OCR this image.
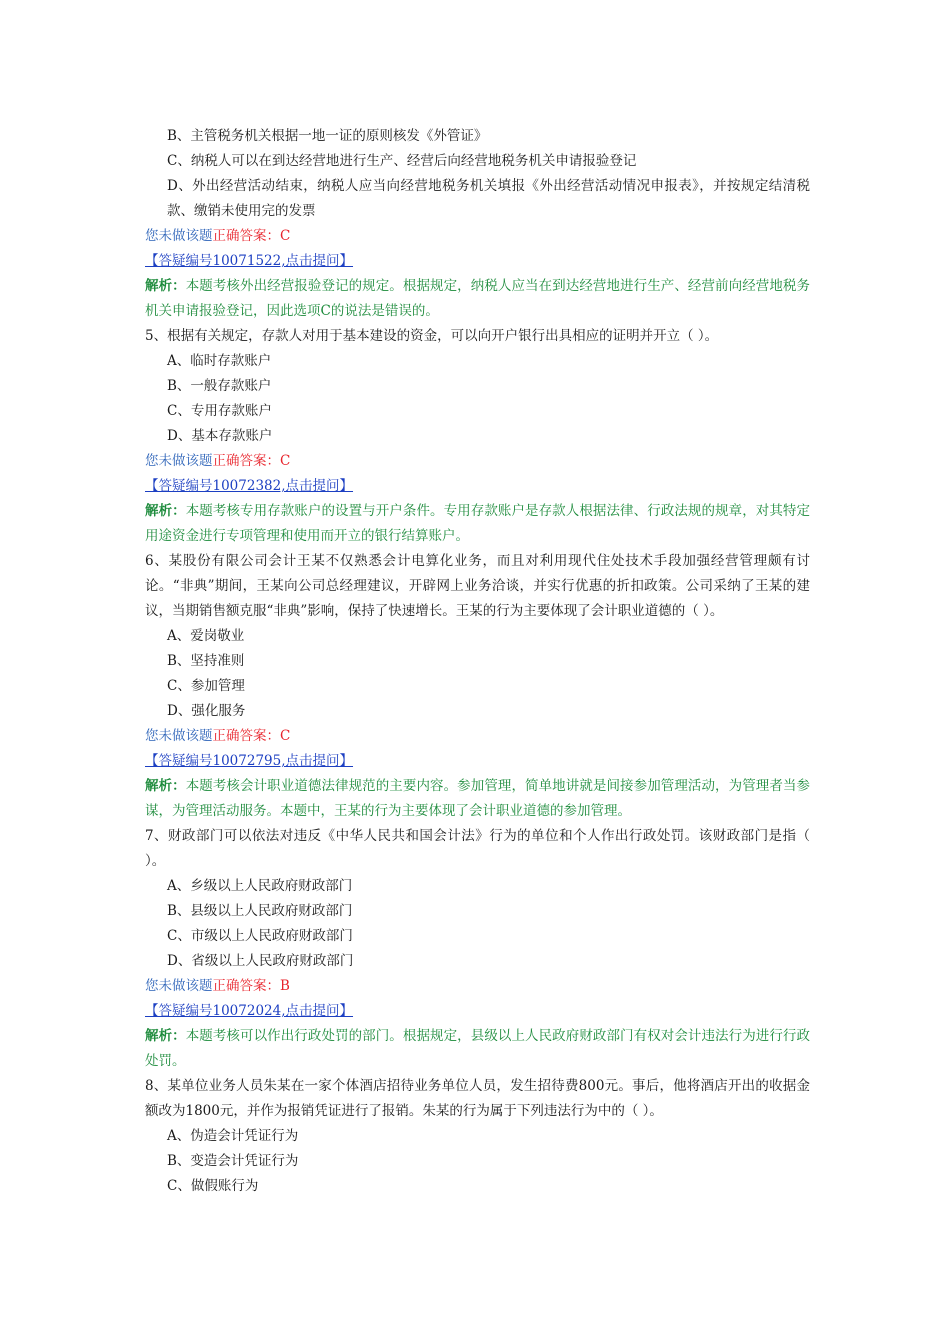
B、主管税务机关根据一地一证的原则核发《外管证》
C、纳税人可以在到达经营地进行生产、经营后向经营地税务机关申请报验登记
D、外出经营活动结束，纳税人应当向经营地税务机关填报《外出经营活动情况申报表》，并按规定结清税款、缴销未使用完的发票
您未做该题正确答案：C
【答疑编号10071522,点击提问】
解析：本题考核外出经营报验登记的规定。根据规定，纳税人应当在到达经营地进行生产、经营前向经营地税务机关申请报验登记，因此选项C的说法是错误的。
5、根据有关规定，存款人对用于基本建设的资金，可以向开户银行出具相应的证明并开立（ ）。
A、临时存款账户
B、一般存款账户
C、专用存款账户
D、基本存款账户
您未做该题正确答案：C
【答疑编号10072382,点击提问】
解析：本题考核专用存款账户的设置与开户条件。专用存款账户是存款人根据法律、行政法规的规章，对其特定用途资金进行专项管理和使用而开立的银行结算账户。
6、某股份有限公司会计王某不仅熟悉会计电算化业务，而且对利用现代住处技术手段加强经营管理颇有讨论。“非典”期间，王某向公司总经理建议，开辟网上业务洽谈，并实行优惠的折扣政策。公司采纳了王某的建议，当期销售额克服“非典”影响，保持了快速增长。王某的行为主要体现了会计职业道德的（ ）。
A、爱岗敬业
B、坚持准则
C、参加管理
D、强化服务
您未做该题正确答案：C
【答疑编号10072795,点击提问】
解析：本题考核会计职业道德法律规范的主要内容。参加管理，简单地讲就是间接参加管理活动，为管理者当参谋，为管理活动服务。本题中，王某的行为主要体现了会计职业道德的参加管理。
7、财政部门可以依法对违反《中华人民共和国会计法》行为的单位和个人作出行政处罚。该财政部门是指（ ）。
A、乡级以上人民政府财政部门
B、县级以上人民政府财政部门
C、市级以上人民政府财政部门
D、省级以上人民政府财政部门
您未做该题正确答案：B
【答疑编号10072024,点击提问】
解析：本题考核可以作出行政处罚的部门。根据规定，县级以上人民政府财政部门有权对会计违法行为进行行政处罚。
8、某单位业务人员朱某在一家个体酒店招待业务单位人员，发生招待费800元。事后，他将酒店开出的收据金额改为1800元，并作为报销凭证进行了报销。朱某的行为属于下列违法行为中的（ ）。
A、伪造会计凭证行为
B、变造会计凭证行为
C、做假账行为
